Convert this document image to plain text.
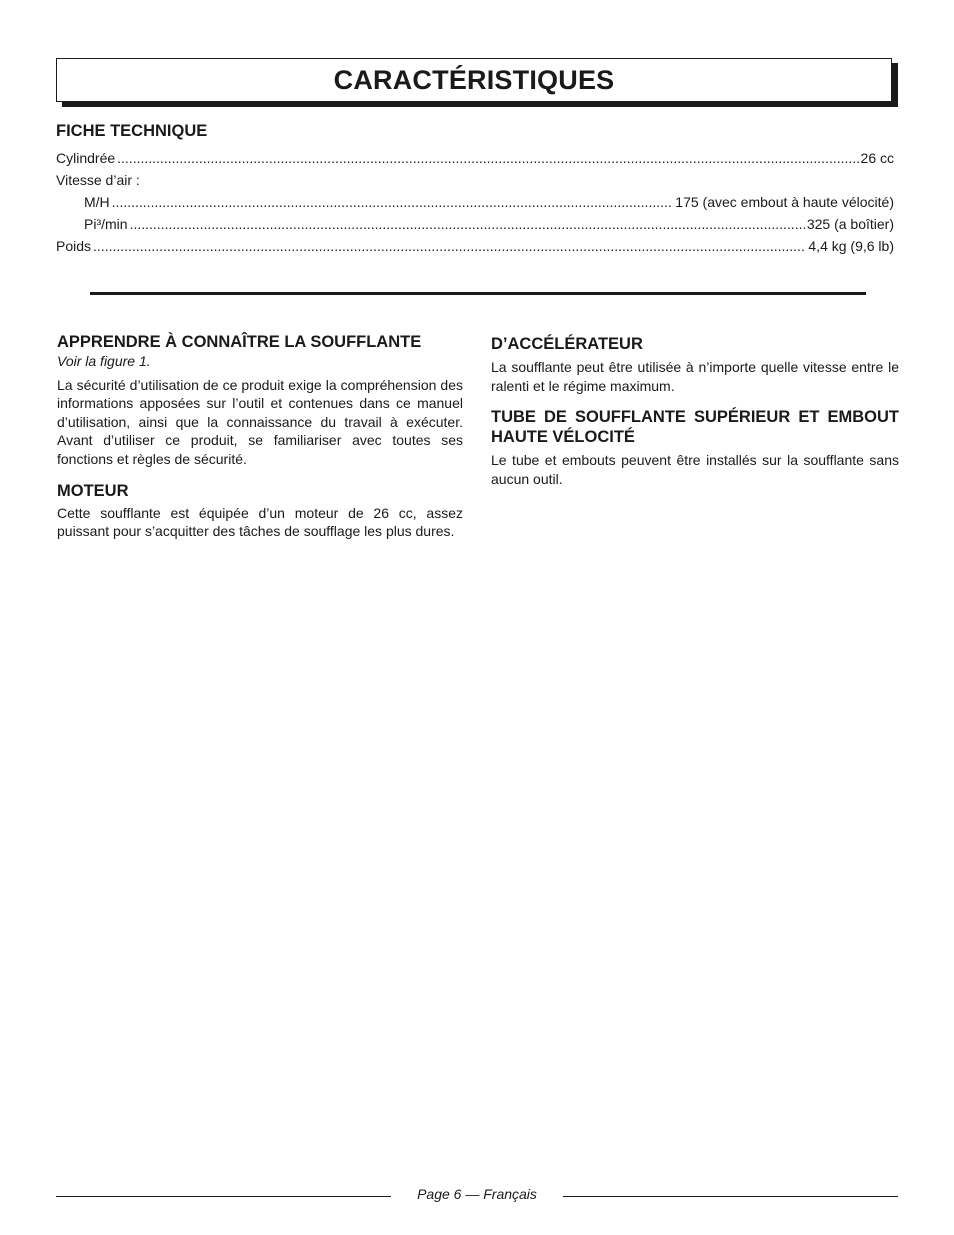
CARACTÉRISTIQUES
FICHE TECHNIQUE
Cylindrée .....	26 cc
Vitesse d’air :
M/H .....	175 (avec embout à haute vélocité)
Pi³/min .....	325 (a boîtier)
Poids .....	4,4 kg (9,6 lb)
APPRENDRE À CONNAÎTRE LA SOUFFLANTE

Voir la figure 1.

La sécurité d’utilisation de ce produit exige la compréhension des informations apposées sur l’outil et contenues dans ce manuel d’utilisation, ainsi que la connaissance du travail à exécuter. Avant d’utiliser ce produit, se familiariser avec toutes ses fonctions et règles de sécurité.

MOTEUR

Cette soufflante est équipée d’un moteur de 26 cc, assez puissant pour s’acquitter des tâches de soufflage les plus dures.

D’ACCÉLÉRATEUR

La soufflante peut être utilisée à n’importe quelle vitesse entre le ralenti et le régime maximum.

TUBE DE SOUFFLANTE SUPÉRIEUR ET EMBOUT HAUTE VÉLOCITÉ

Le tube et embouts peuvent être installés sur la soufflante sans aucun outil.

Page 6 — Français
